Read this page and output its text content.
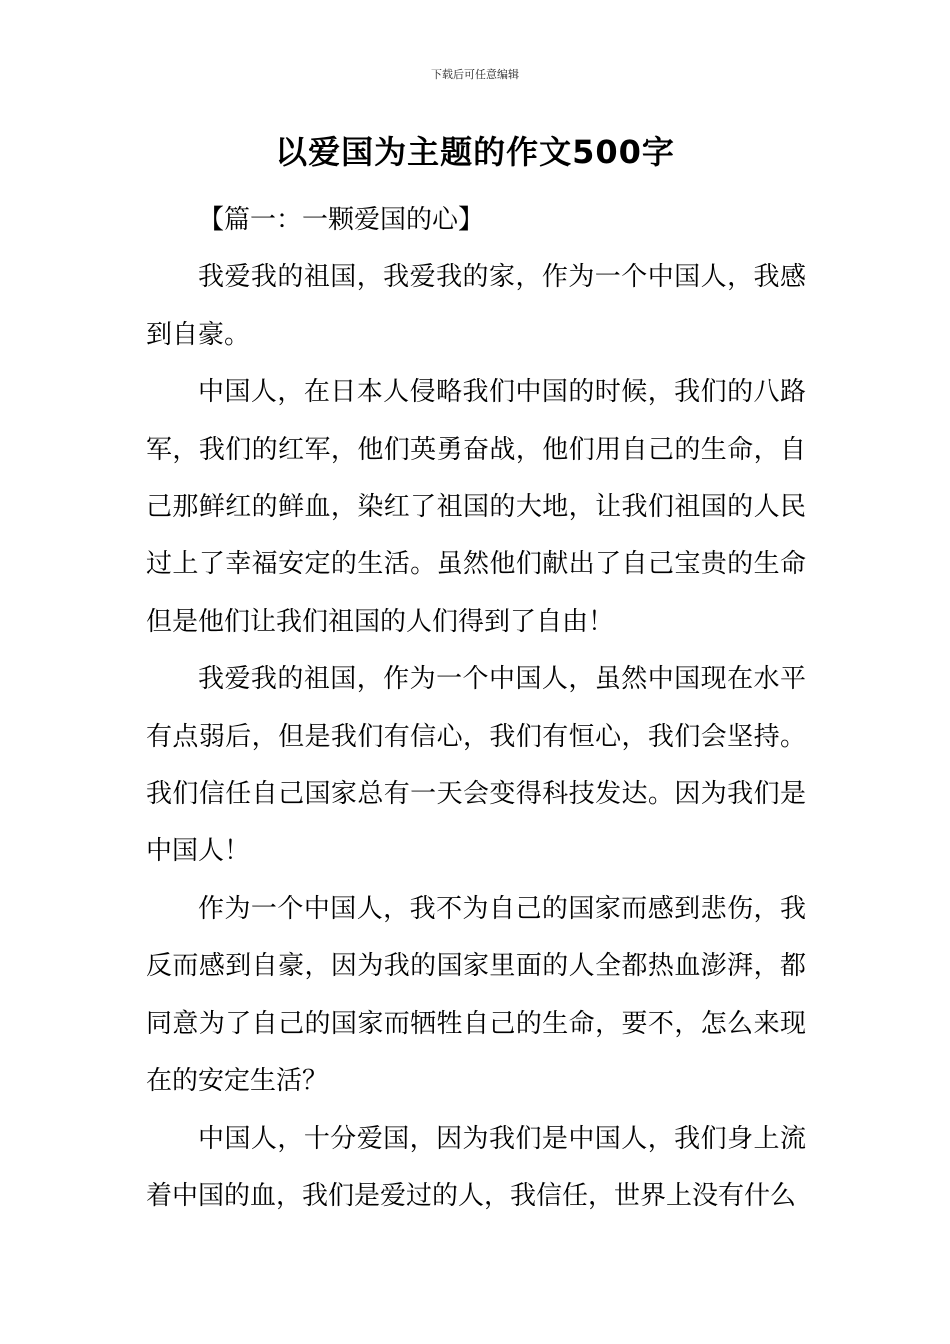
下载后可任意编辑
以爱国为主题的作文500字

【篇一：一颗爱国的心】

我爱我的祖国，我爱我的家，作为一个中国人，我感到自豪。

中国人，在日本人侵略我们中国的时候，我们的八路军，我们的红军，他们英勇奋战，他们用自己的生命，自己那鲜红的鲜血，染红了祖国的大地，让我们祖国的人民过上了幸福安定的生活。虽然他们献出了自己宝贵的生命但是他们让我们祖国的人们得到了自由！

我爱我的祖国，作为一个中国人，虽然中国现在水平有点弱后，但是我们有信心，我们有恒心，我们会坚持。我们信任自己国家总有一天会变得科技发达。因为我们是中国人！

作为一个中国人，我不为自己的国家而感到悲伤，我反而感到自豪，因为我的国家里面的人全都热血澎湃，都同意为了自己的国家而牺牲自己的生命，要不，怎么来现在的安定生活？

中国人，十分爱国，因为我们是中国人，我们身上流着中国的血，我们是爱过的人，我信任，世界上没有什么
